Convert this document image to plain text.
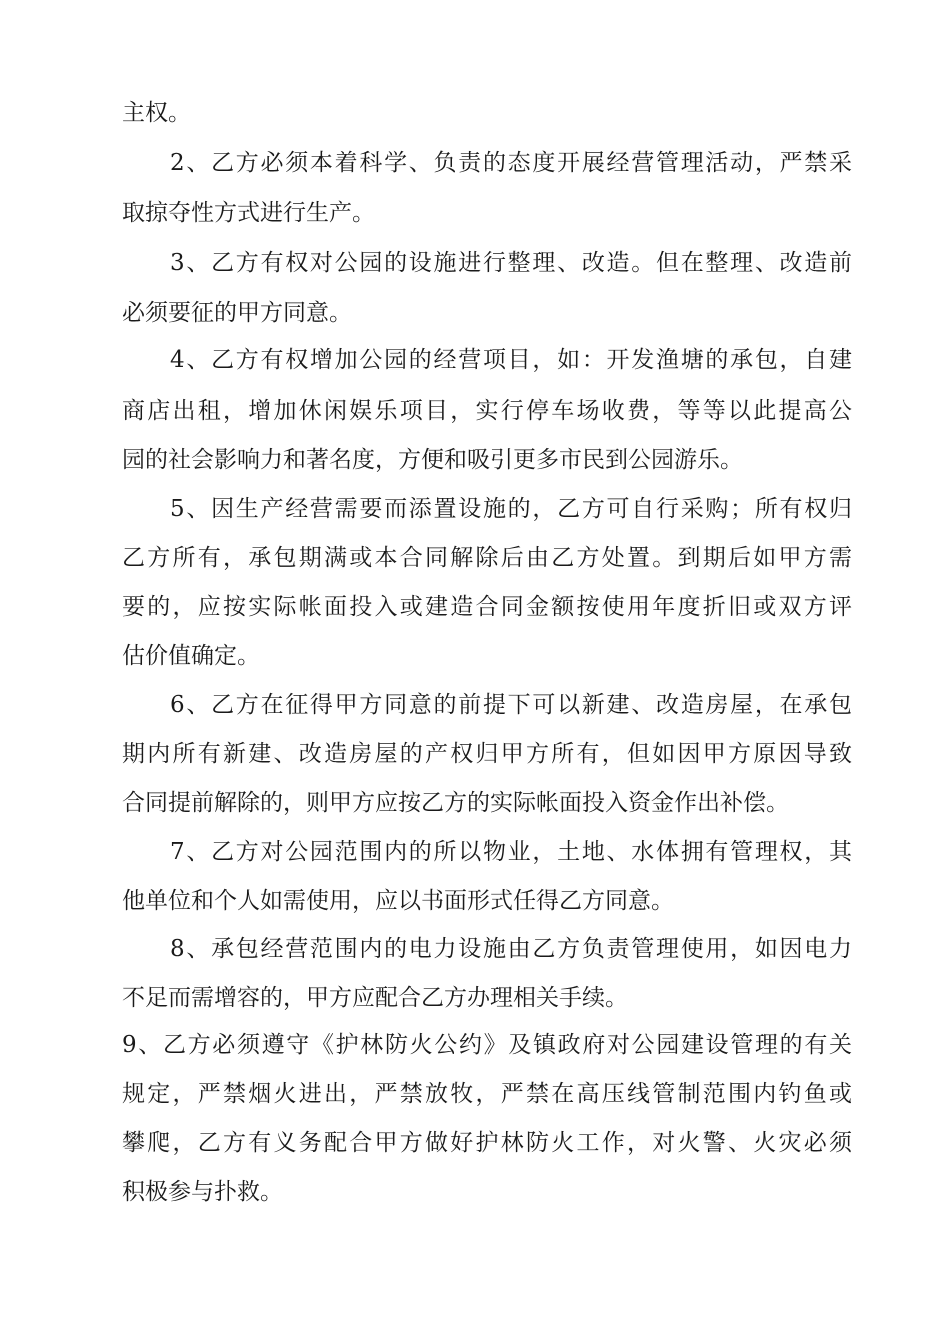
主权。
2、乙方必须本着科学、负责的态度开展经营管理活动，严禁采
取掠夺性方式进行生产。
3、乙方有权对公园的设施进行整理、改造。但在整理、改造前
必须要征的甲方同意。
4、乙方有权增加公园的经营项目，如：开发渔塘的承包，自建
商店出租，增加休闲娱乐项目，实行停车场收费，等等以此提高公
园的社会影响力和著名度，方便和吸引更多市民到公园游乐。
5、因生产经营需要而添置设施的，乙方可自行采购；所有权归
乙方所有，承包期满或本合同解除后由乙方处置。到期后如甲方需
要的，应按实际帐面投入或建造合同金额按使用年度折旧或双方评
估价值确定。
6、乙方在征得甲方同意的前提下可以新建、改造房屋，在承包
期内所有新建、改造房屋的产权归甲方所有，但如因甲方原因导致
合同提前解除的，则甲方应按乙方的实际帐面投入资金作出补偿。
7、乙方对公园范围内的所以物业，土地、水体拥有管理权，其
他单位和个人如需使用，应以书面形式任得乙方同意。
8、承包经营范围内的电力设施由乙方负责管理使用，如因电力
不足而需增容的，甲方应配合乙方办理相关手续。
9、乙方必须遵守《护林防火公约》及镇政府对公园建设管理的有关
规定，严禁烟火进出，严禁放牧，严禁在高压线管制范围内钓鱼或
攀爬，乙方有义务配合甲方做好护林防火工作，对火警、火灾必须
积极参与扑救。
